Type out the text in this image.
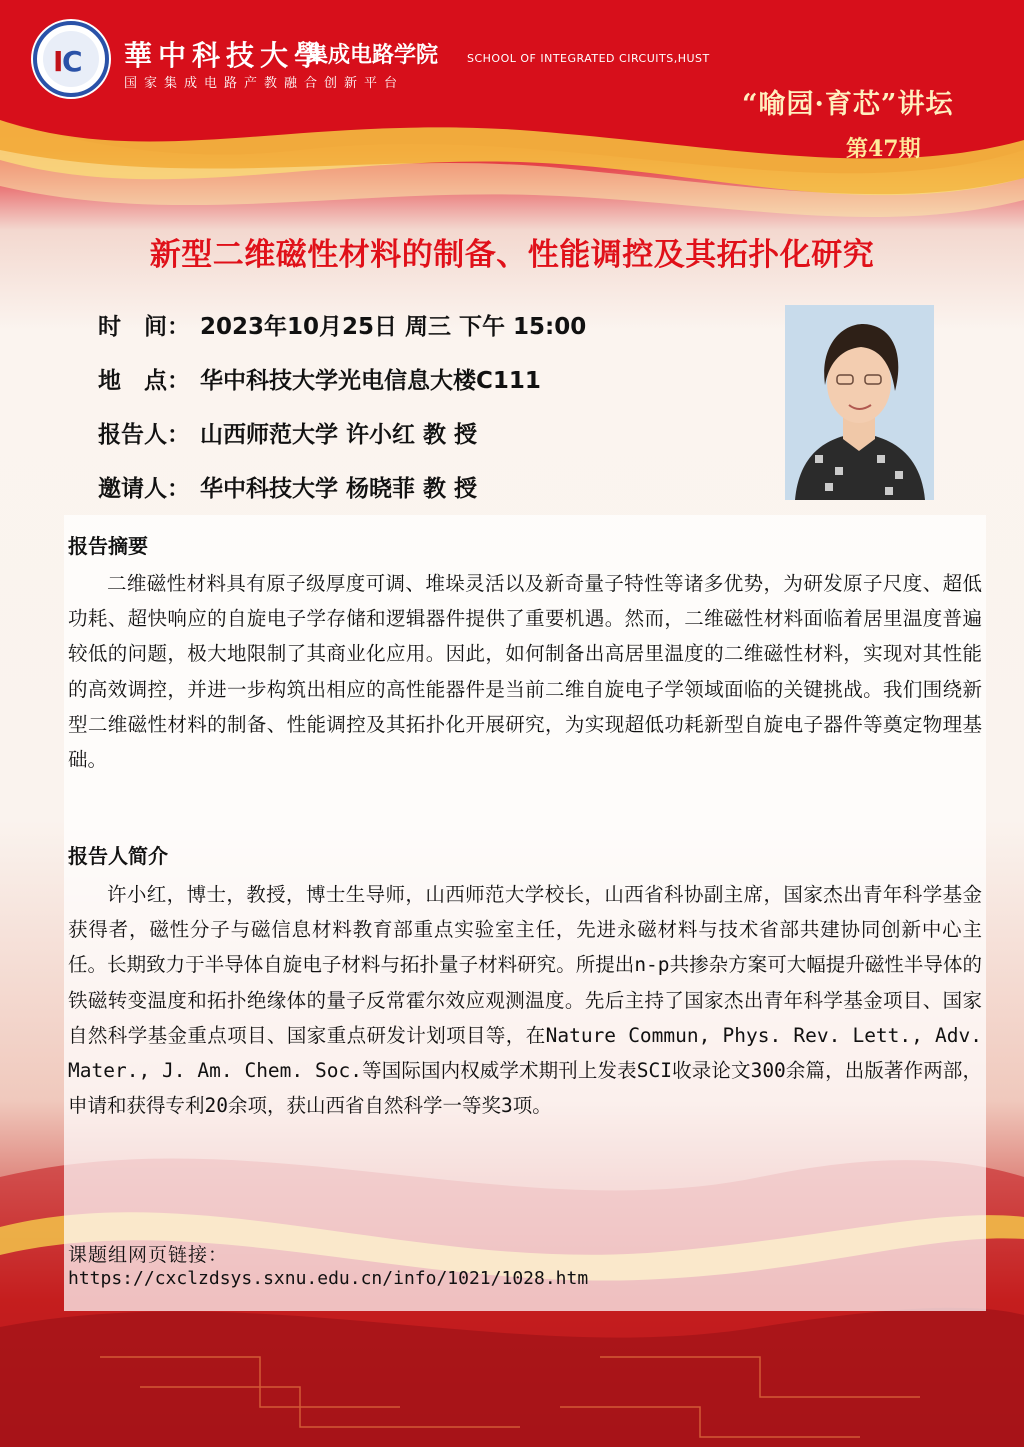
I
C 華中科技大學
集成电路学院
国家集成电路产教融合创新平台
SCHOOL OF INTEGRATED CIRCUITS,HUST
“喻园·育芯”讲坛
第47期
新型二维磁性材料的制备、性能调控及其拓扑化研究
时　间： 2023年10月25日 周三 下午 15:00
地　点： 华中科技大学光电信息大楼C111
报告人： 山西师范大学 许小红 教 授
邀请人： 华中科技大学 杨晓菲 教 授
报告摘要

二维磁性材料具有原子级厚度可调、堆垛灵活以及新奇量子特性等诸多优势，为研发原子尺度、超低功耗、超快响应的自旋电子学存储和逻辑器件提供了重要机遇。然而，二维磁性材料面临着居里温度普遍较低的问题，极大地限制了其商业化应用。因此，如何制备出高居里温度的二维磁性材料，实现对其性能的高效调控，并进一步构筑出相应的高性能器件是当前二维自旋电子学领域面临的关键挑战。我们围绕新型二维磁性材料的制备、性能调控及其拓扑化开展研究，为实现超低功耗新型自旋电子器件等奠定物理基础。

报告人简介

许小红，博士，教授，博士生导师，山西师范大学校长，山西省科协副主席，国家杰出青年科学基金获得者，磁性分子与磁信息材料教育部重点实验室主任，先进永磁材料与技术省部共建协同创新中心主任。长期致力于半导体自旋电子材料与拓扑量子材料研究。所提出n-p共掺杂方案可大幅提升磁性半导体的铁磁转变温度和拓扑绝缘体的量子反常霍尔效应观测温度。先后主持了国家杰出青年科学基金项目、国家自然科学基金重点项目、国家重点研发计划项目等，在Nature Commun, Phys. Rev. Lett., Adv. Mater., J. Am. Chem. Soc.等国际国内权威学术期刊上发表SCI收录论文300余篇，出版著作两部，申请和获得专利20余项，获山西省自然科学一等奖3项。

课题组网页链接：
https://cxclzdsys.sxnu.edu.cn/info/1021/1028.htm
